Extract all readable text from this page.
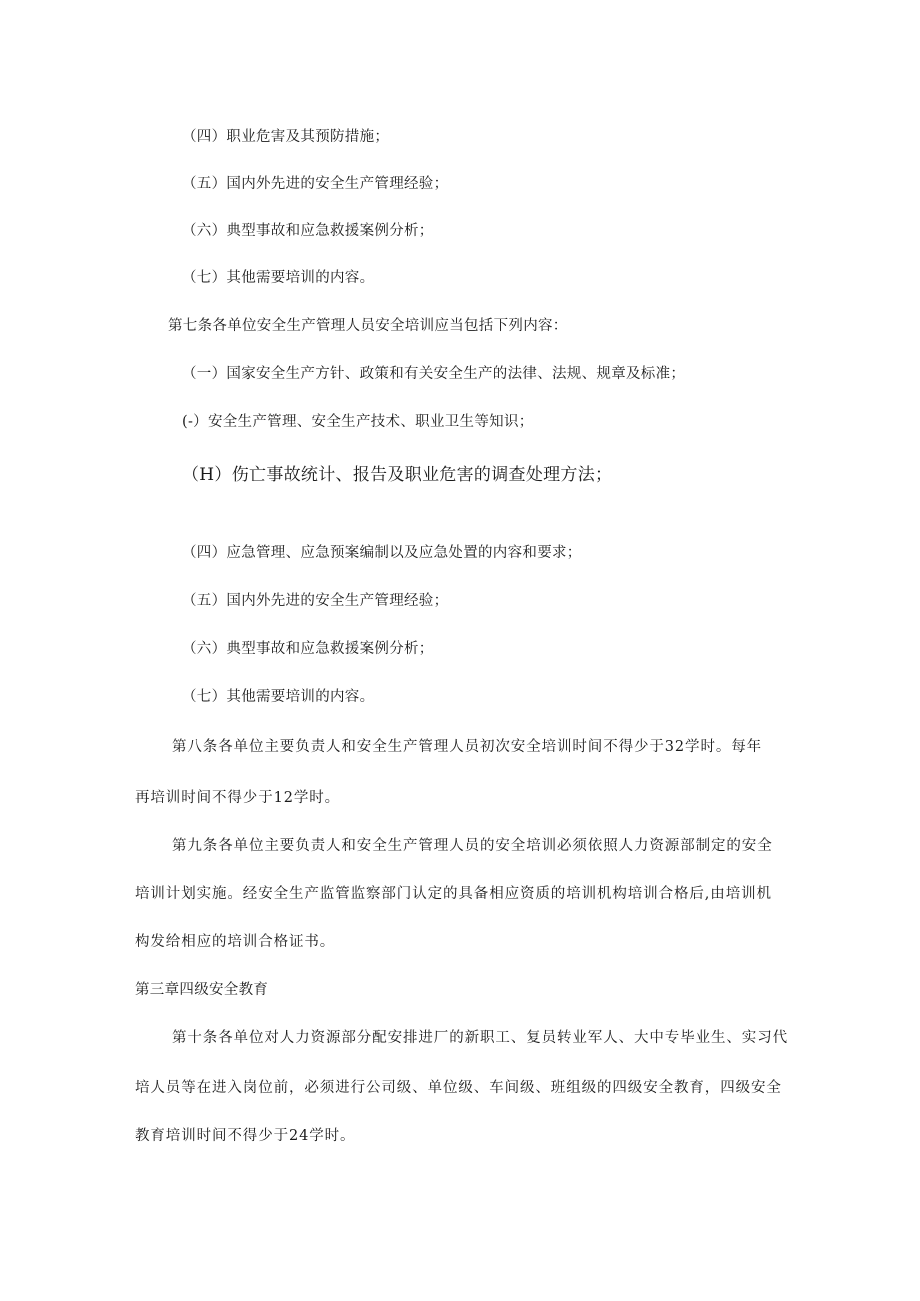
（四）职业危害及其预防措施；

（五）国内外先进的安全生产管理经验；

（六）典型事故和应急救援案例分析；

（七）其他需要培训的内容。

第七条各单位安全生产管理人员安全培训应当包括下列内容：

（一）国家安全生产方针、政策和有关安全生产的法律、法规、规章及标准；

(-）安全生产管理、安全生产技术、职业卫生等知识；

（H）伤亡事故统计、报告及职业危害的调查处理方法；

（四）应急管理、应急预案编制以及应急处置的内容和要求；

（五）国内外先进的安全生产管理经验；

（六）典型事故和应急救援案例分析；

（七）其他需要培训的内容。

第八条各单位主要负责人和安全生产管理人员初次安全培训时间不得少于32学时。每年

再培训时间不得少于12学时。

第九条各单位主要负责人和安全生产管理人员的安全培训必须依照人力资源部制定的安全

培训计划实施。经安全生产监管监察部门认定的具备相应资质的培训机构培训合格后,由培训机

构发给相应的培训合格证书。

第三章四级安全教育

第十条各单位对人力资源部分配安排进厂的新职工、复员转业军人、大中专毕业生、实习代

培人员等在进入岗位前，必须进行公司级、单位级、车间级、班组级的四级安全教育，四级安全

教育培训时间不得少于24学时。
